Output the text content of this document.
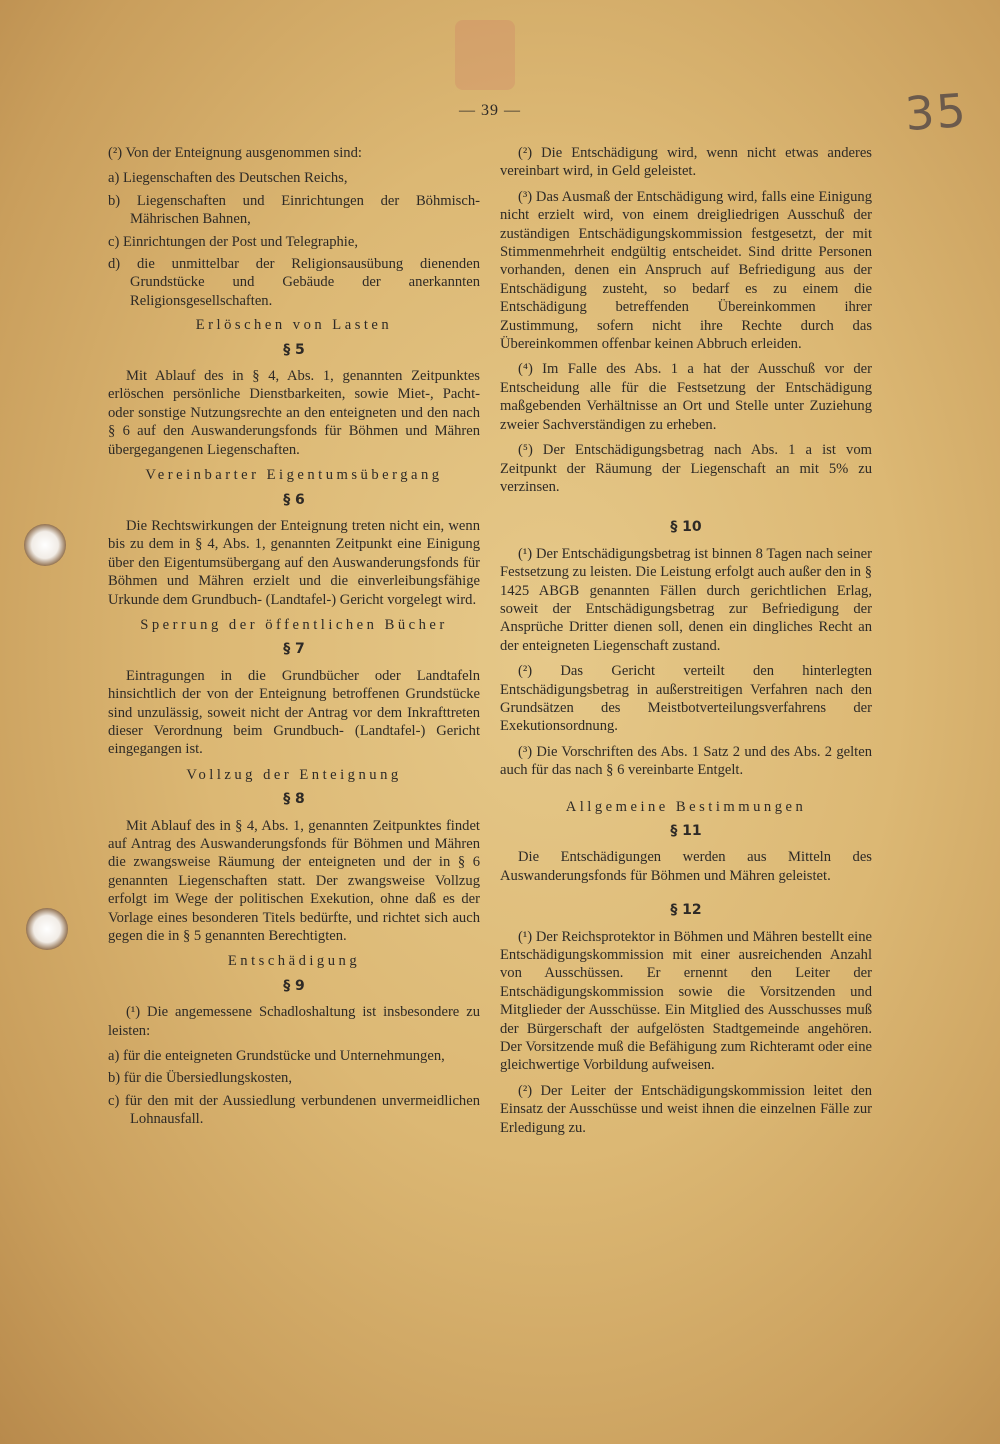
— 39 —	35

(²) Von der Enteignung ausgenommen sind:

a) Liegenschaften des Deutschen Reichs,

b) Liegenschaften und Einrichtungen der Böhmisch-Mährischen Bahnen,

c) Einrichtungen der Post und Telegraphie,

d) die unmittelbar der Religionsausübung dienenden Grundstücke und Gebäude der anerkannten Religionsgesellschaften.

Erlöschen von Lasten

§ 5

Mit Ablauf des in § 4, Abs. 1, genannten Zeitpunktes erlöschen persönliche Dienstbarkeiten, sowie Miet-, Pacht- oder sonstige Nutzungsrechte an den enteigneten und den nach § 6 auf den Auswanderungsfonds für Böhmen und Mähren übergegangenen Liegenschaften.

Vereinbarter Eigentumsübergang

§ 6

Die Rechtswirkungen der Enteignung treten nicht ein, wenn bis zu dem in § 4, Abs. 1, genannten Zeitpunkt eine Einigung über den Eigentumsübergang auf den Auswanderungsfonds für Böhmen und Mähren erzielt und die einverleibungsfähige Urkunde dem Grundbuch- (Landtafel-) Gericht vorgelegt wird.

Sperrung der öffentlichen Bücher

§ 7

Eintragungen in die Grundbücher oder Landtafeln hinsichtlich der von der Enteignung betroffenen Grundstücke sind unzulässig, soweit nicht der Antrag vor dem Inkrafttreten dieser Verordnung beim Grundbuch- (Landtafel-) Gericht eingegangen ist.

Vollzug der Enteignung

§ 8

Mit Ablauf des in § 4, Abs. 1, genannten Zeitpunktes findet auf Antrag des Auswanderungsfonds für Böhmen und Mähren die zwangsweise Räumung der enteigneten und der in § 6 genannten Liegenschaften statt. Der zwangsweise Vollzug erfolgt im Wege der politischen Exekution, ohne daß es der Vorlage eines besonderen Titels bedürfte, und richtet sich auch gegen die in § 5 genannten Berechtigten.

Entschädigung

§ 9

(¹) Die angemessene Schadloshaltung ist insbesondere zu leisten:

a) für die enteigneten Grundstücke und Unternehmungen,

b) für die Übersiedlungskosten,

c) für den mit der Aussiedlung verbundenen unvermeidlichen Lohnausfall.

(²) Die Entschädigung wird, wenn nicht etwas anderes vereinbart wird, in Geld geleistet.

(³) Das Ausmaß der Entschädigung wird, falls eine Einigung nicht erzielt wird, von einem dreigliedrigen Ausschuß der zuständigen Entschädigungskommission festgesetzt, der mit Stimmenmehrheit endgültig entscheidet. Sind dritte Personen vorhanden, denen ein Anspruch auf Befriedigung aus der Entschädigung zusteht, so bedarf es zu einem die Entschädigung betreffenden Übereinkommen ihrer Zustimmung, sofern nicht ihre Rechte durch das Übereinkommen offenbar keinen Abbruch erleiden.

(⁴) Im Falle des Abs. 1 a hat der Ausschuß vor der Entscheidung alle für die Festsetzung der Entschädigung maßgebenden Verhältnisse an Ort und Stelle unter Zuziehung zweier Sachverständigen zu erheben.

(⁵) Der Entschädigungsbetrag nach Abs. 1 a ist vom Zeitpunkt der Räumung der Liegenschaft an mit 5% zu verzinsen.

§ 10

(¹) Der Entschädigungsbetrag ist binnen 8 Tagen nach seiner Festsetzung zu leisten. Die Leistung erfolgt auch außer den in § 1425 ABGB genannten Fällen durch gerichtlichen Erlag, soweit der Entschädigungsbetrag zur Befriedigung der Ansprüche Dritter dienen soll, denen ein dingliches Recht an der enteigneten Liegenschaft zustand.

(²) Das Gericht verteilt den hinterlegten Entschädigungsbetrag in außerstreitigen Verfahren nach den Grundsätzen des Meistbotverteilungsverfahrens der Exekutionsordnung.

(³) Die Vorschriften des Abs. 1 Satz 2 und des Abs. 2 gelten auch für das nach § 6 vereinbarte Entgelt.

Allgemeine Bestimmungen

§ 11

Die Entschädigungen werden aus Mitteln des Auswanderungsfonds für Böhmen und Mähren geleistet.

§ 12

(¹) Der Reichsprotektor in Böhmen und Mähren bestellt eine Entschädigungskommission mit einer ausreichenden Anzahl von Ausschüssen. Er ernennt den Leiter der Entschädigungskommission sowie die Vorsitzenden und Mitglieder der Ausschüsse. Ein Mitglied des Ausschusses muß der Bürgerschaft der aufgelösten Stadtgemeinde angehören. Der Vorsitzende muß die Befähigung zum Richteramt oder eine gleichwertige Vorbildung aufweisen.

(²) Der Leiter der Entschädigungskommission leitet den Einsatz der Ausschüsse und weist ihnen die einzelnen Fälle zur Erledigung zu.
